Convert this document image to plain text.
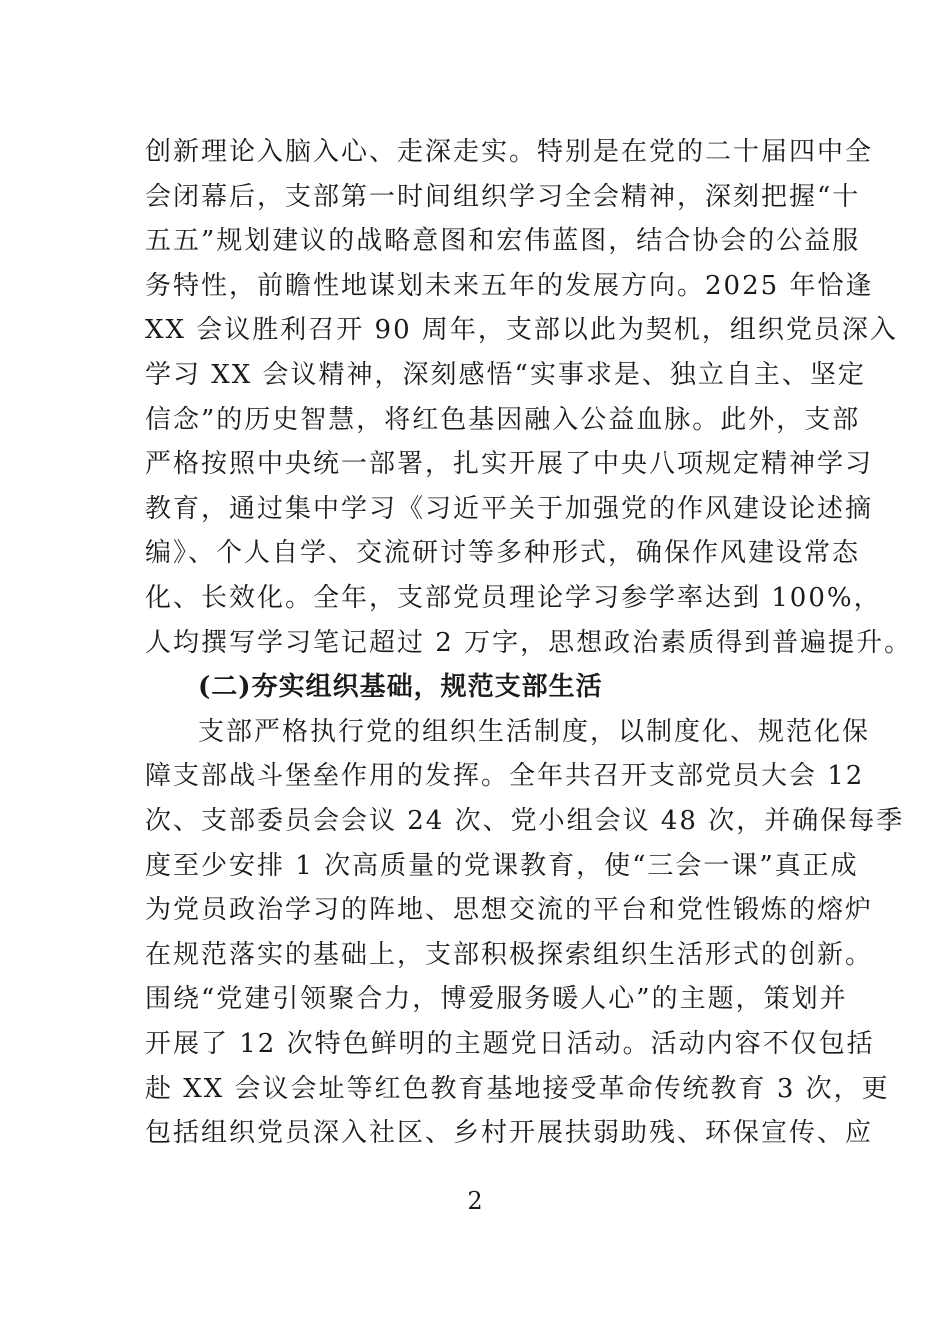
创新理论入脑入心、走深走实。特别是在党的二十届四中全
会闭幕后，支部第一时间组织学习全会精神，深刻把握“十
五五”规划建议的战略意图和宏伟蓝图，结合协会的公益服
务特性，前瞻性地谋划未来五年的发展方向。2025 年恰逢
XX 会议胜利召开 90 周年，支部以此为契机，组织党员深入
学习 XX 会议精神，深刻感悟“实事求是、独立自主、坚定
信念”的历史智慧，将红色基因融入公益血脉。此外，支部
严格按照中央统一部署，扎实开展了中央八项规定精神学习
教育，通过集中学习《习近平关于加强党的作风建设论述摘
编》、个人自学、交流研讨等多种形式，确保作风建设常态
化、长效化。全年，支部党员理论学习参学率达到 100%，
人均撰写学习笔记超过 2 万字，思想政治素质得到普遍提升。
(二)夯实组织基础，规范支部生活
支部严格执行党的组织生活制度，以制度化、规范化保
障支部战斗堡垒作用的发挥。全年共召开支部党员大会 12
次、支部委员会会议 24 次、党小组会议 48 次，并确保每季
度至少安排 1 次高质量的党课教育，使“三会一课”真正成
为党员政治学习的阵地、思想交流的平台和党性锻炼的熔炉
在规范落实的基础上，支部积极探索组织生活形式的创新。
围绕“党建引领聚合力，博爱服务暖人心”的主题，策划并
开展了 12 次特色鲜明的主题党日活动。活动内容不仅包括
赴 XX 会议会址等红色教育基地接受革命传统教育 3 次，更
包括组织党员深入社区、乡村开展扶弱助残、环保宣传、应
2
